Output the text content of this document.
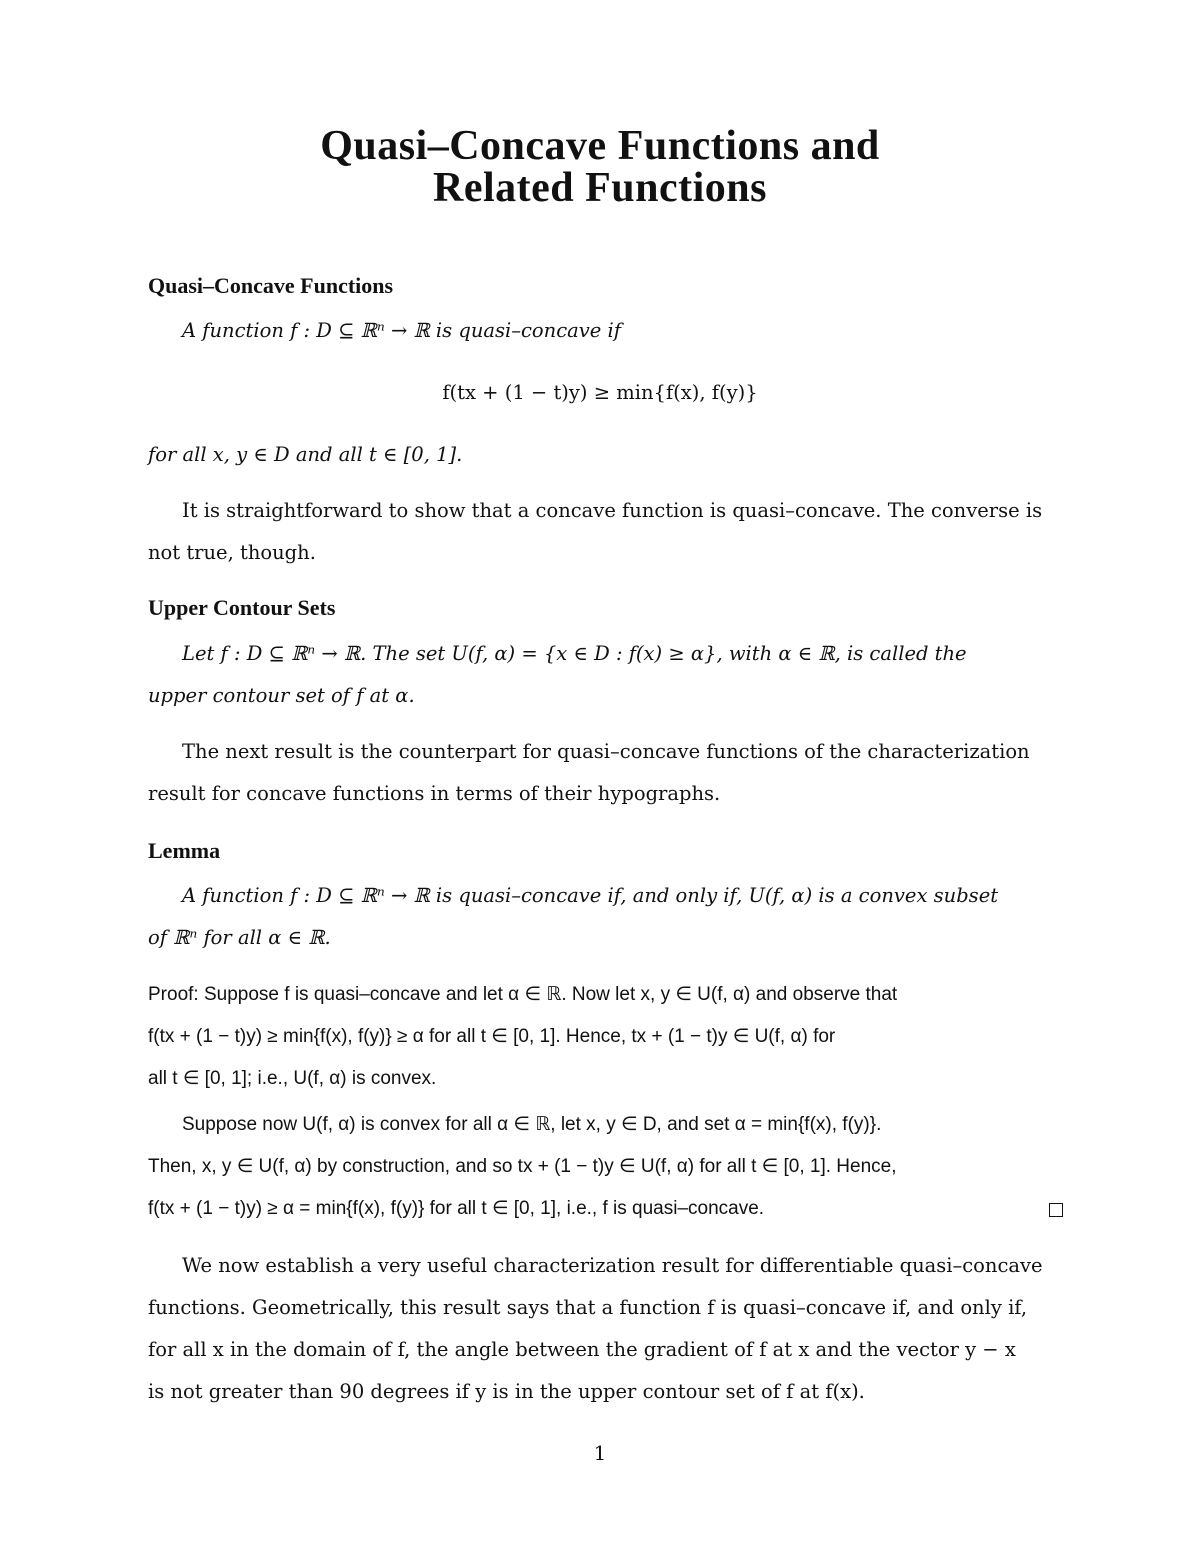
Quasi–Concave Functions and
Related Functions
Quasi–Concave Functions
A function f : D ⊆ ℝⁿ → ℝ is quasi–concave if
f(tx + (1 − t)y) ≥ min{f(x), f(y)}
for all x, y ∈ D and all t ∈ [0, 1].
It is straightforward to show that a concave function is quasi–concave. The converse is
not true, though.
Upper Contour Sets
Let f : D ⊆ ℝⁿ → ℝ. The set U(f, α) = {x ∈ D : f(x) ≥ α}, with α ∈ ℝ, is called the
upper contour set of f at α.
The next result is the counterpart for quasi–concave functions of the characterization
result for concave functions in terms of their hypographs.
Lemma
A function f : D ⊆ ℝⁿ → ℝ is quasi–concave if, and only if, U(f, α) is a convex subset
of ℝⁿ for all α ∈ ℝ.
Proof: Suppose f is quasi–concave and let α ∈ ℝ. Now let x, y ∈ U(f, α) and observe that
f(tx + (1 − t)y) ≥ min{f(x), f(y)} ≥ α for all t ∈ [0, 1]. Hence, tx + (1 − t)y ∈ U(f, α) for
all t ∈ [0, 1]; i.e., U(f, α) is convex.
Suppose now U(f, α) is convex for all α ∈ ℝ, let x, y ∈ D, and set α = min{f(x), f(y)}.
Then, x, y ∈ U(f, α) by construction, and so tx + (1 − t)y ∈ U(f, α) for all t ∈ [0, 1]. Hence,
f(tx + (1 − t)y) ≥ α = min{f(x), f(y)} for all t ∈ [0, 1], i.e., f is quasi–concave.
We now establish a very useful characterization result for differentiable quasi–concave
functions. Geometrically, this result says that a function f is quasi–concave if, and only if,
for all x in the domain of f, the angle between the gradient of f at x and the vector y − x
is not greater than 90 degrees if y is in the upper contour set of f at f(x).
1
